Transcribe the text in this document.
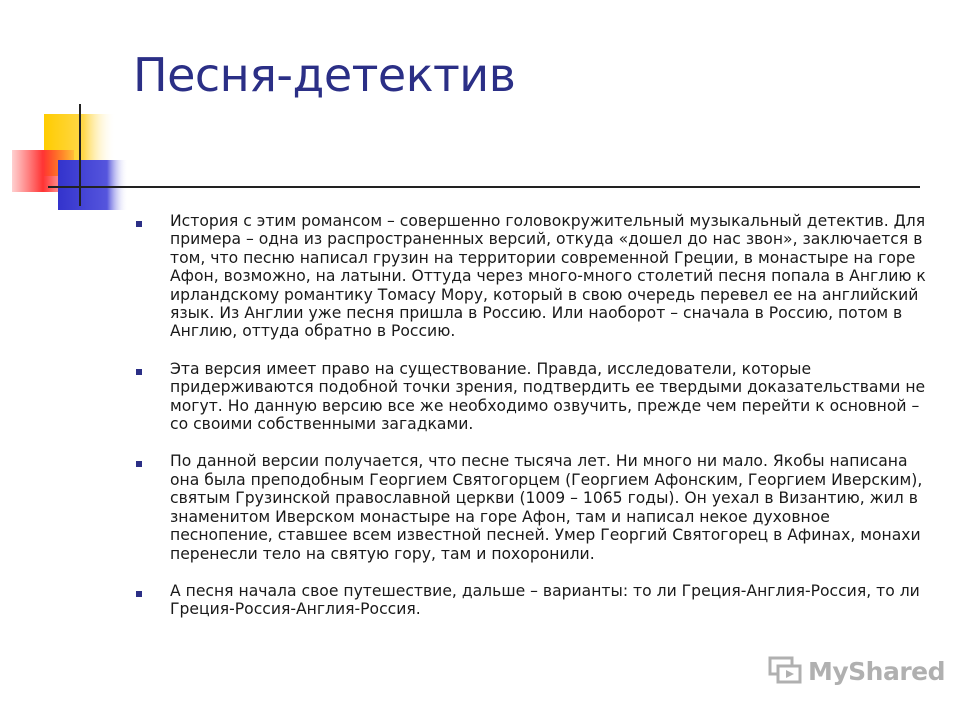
Песня-детектив
История с этим романсом – совершенно головокружительный музыкальный детектив. Для примера – одна из распространенных версий, откуда «дошел до нас звон», заключается в том, что песню написал грузин на территории современной Греции, в монастыре на горе Афон, возможно, на латыни. Оттуда через много-много столетий песня попала в Англию к ирландскому романтику Томасу Мору, который в свою очередь перевел ее на английский язык. Из Англии уже песня пришла в Россию. Или наоборот – сначала в Россию, потом в Англию, оттуда обратно в Россию.
Эта версия имеет право на существование. Правда, исследователи, которые придерживаются подобной точки зрения, подтвердить ее твердыми доказательствами не могут. Но данную версию все же необходимо озвучить, прежде чем перейти к основной – со своими собственными загадками.
По данной версии получается, что песне тысяча лет. Ни много ни мало. Якобы написана она была преподобным Георгием Святогорцем (Георгием Афонским, Георгием Иверским), святым Грузинской православной церкви (1009 – 1065 годы). Он уехал в Византию, жил в знаменитом Иверском монастыре на горе Афон, там и написал некое духовное песнопение, ставшее всем известной песней. Умер Георгий Святогорец в Афинах, монахи перенесли тело на святую гору, там и похоронили.
А песня начала свое путешествие, дальше – варианты: то ли Греция-Англия-Россия, то ли Греция-Россия-Англия-Россия.
MyShared
